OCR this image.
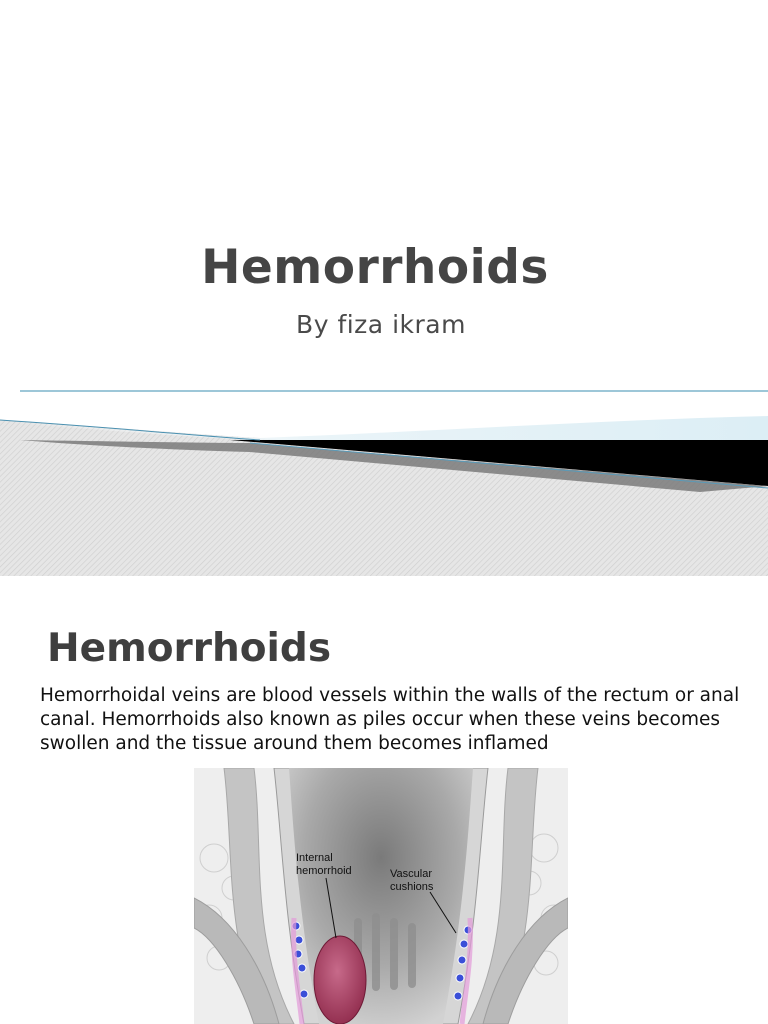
Hemorrhoids
By fiza ikram
Hemorrhoids
Hemorrhoidal veins are blood vessels within the walls of the rectum or anal canal. Hemorrhoids also known as piles occur when these veins becomes swollen and the tissue around them becomes inflamed
Internal hemorrhoid	Vascular cushions
